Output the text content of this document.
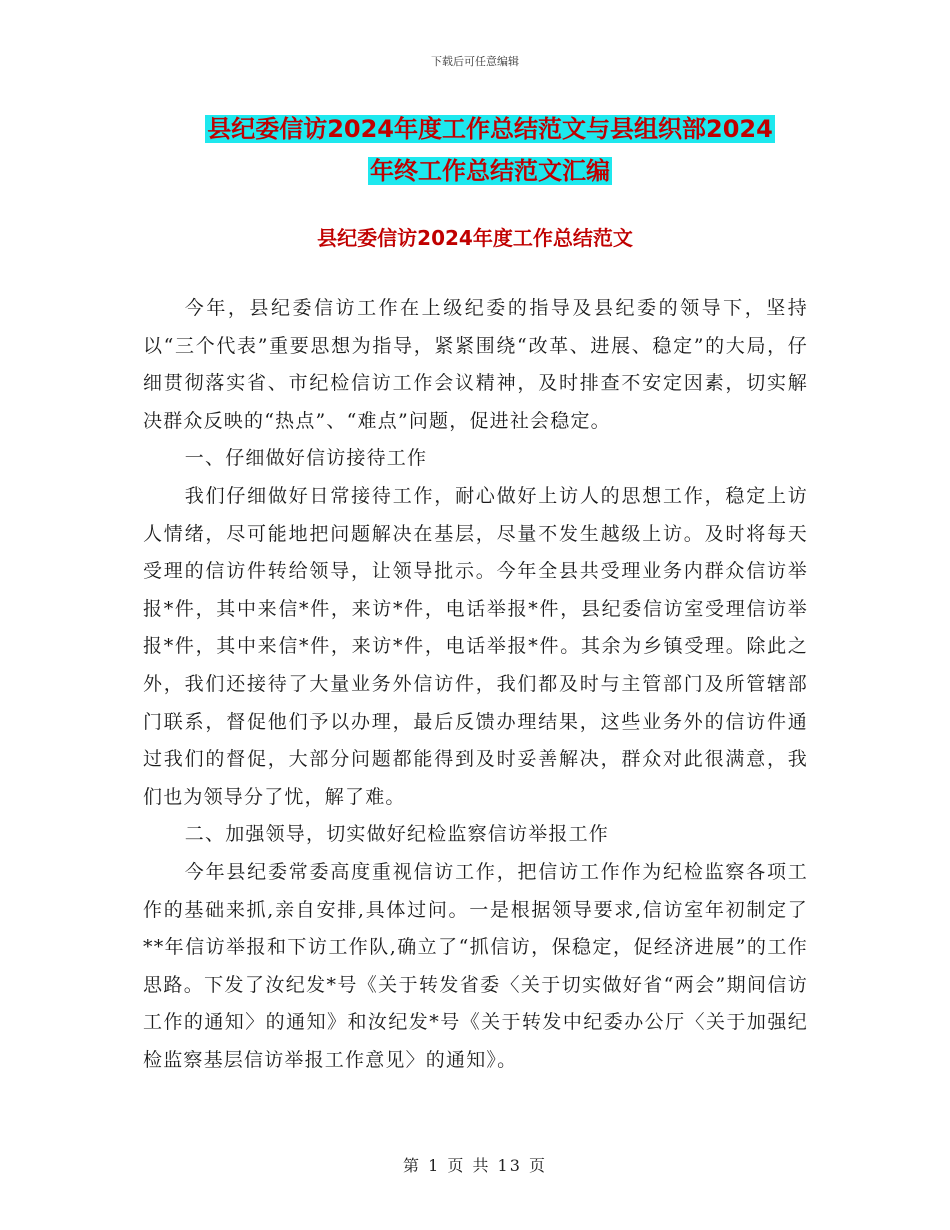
下载后可任意编辑
县纪委信访2024年度工作总结范文与县组织部2024
年终工作总结范文汇编
县纪委信访2024年度工作总结范文

今年，县纪委信访工作在上级纪委的指导及县纪委的领导下，坚持以“三个代表”重要思想为指导，紧紧围绕“改革、进展、稳定”的大局，仔细贯彻落实省、市纪检信访工作会议精神，及时排查不安定因素，切实解决群众反映的“热点”、“难点”问题，促进社会稳定。

一、仔细做好信访接待工作

我们仔细做好日常接待工作，耐心做好上访人的思想工作，稳定上访人情绪，尽可能地把问题解决在基层，尽量不发生越级上访。及时将每天受理的信访件转给领导，让领导批示。今年全县共受理业务内群众信访举报*件，其中来信*件，来访*件，电话举报*件，县纪委信访室受理信访举报*件，其中来信*件，来访*件，电话举报*件。其余为乡镇受理。除此之外，我们还接待了大量业务外信访件，我们都及时与主管部门及所管辖部门联系，督促他们予以办理，最后反馈办理结果，这些业务外的信访件通过我们的督促，大部分问题都能得到及时妥善解决，群众对此很满意，我们也为领导分了忧，解了难。

二、加强领导，切实做好纪检监察信访举报工作

今年县纪委常委高度重视信访工作，把信访工作作为纪检监察各项工作的基础来抓,亲自安排,具体过问。一是根据领导要求,信访室年初制定了**年信访举报和下访工作队,确立了“抓信访，保稳定，促经济进展”的工作思路。下发了汝纪发*号《关于转发省委〈关于切实做好省“两会”期间信访工作的通知〉的通知》和汝纪发*号《关于转发中纪委办公厅〈关于加强纪检监察基层信访举报工作意见〉的通知》。

第 1 页 共 13 页
